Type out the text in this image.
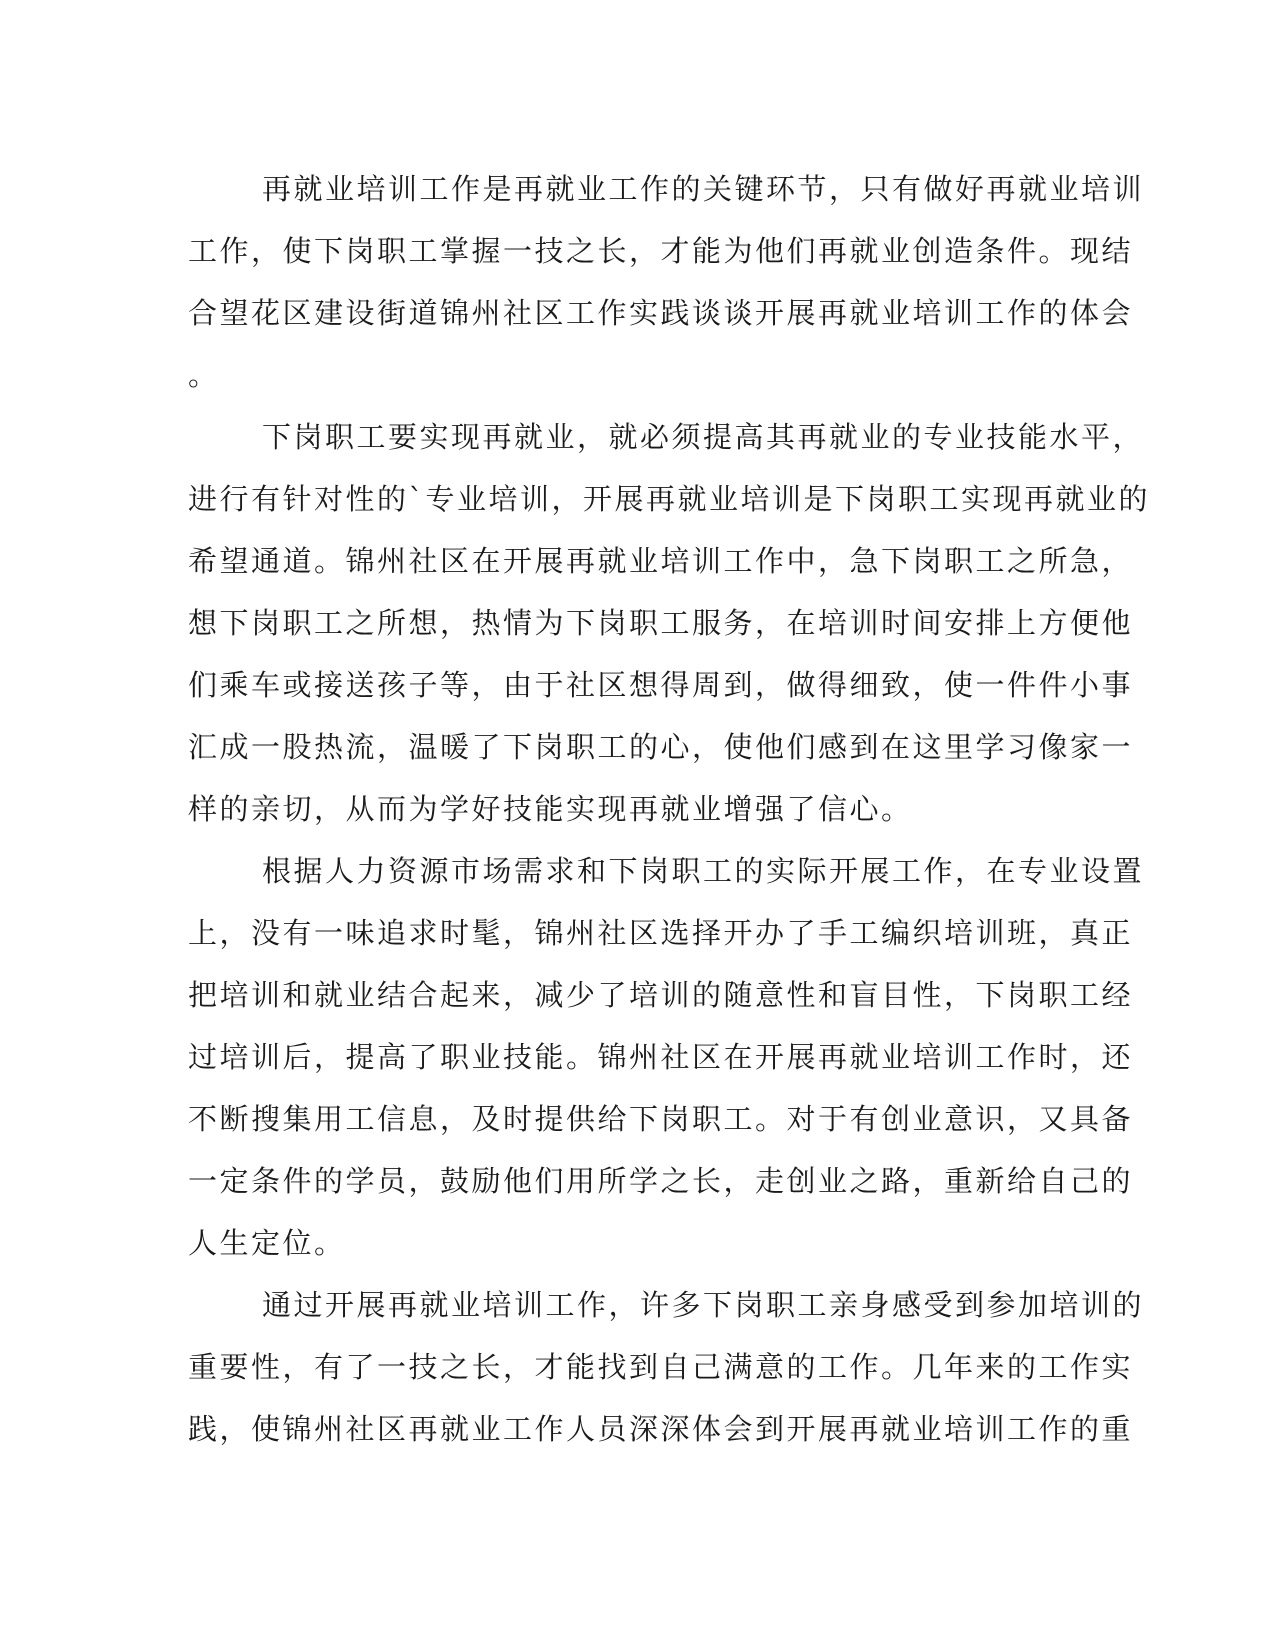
再就业培训工作是再就业工作的关键环节，只有做好再就业培训
工作，使下岗职工掌握一技之长，才能为他们再就业创造条件。现结
合望花区建设街道锦州社区工作实践谈谈开展再就业培训工作的体会
。

下岗职工要实现再就业，就必须提高其再就业的专业技能水平，
进行有针对性的`专业培训，开展再就业培训是下岗职工实现再就业的
希望通道。锦州社区在开展再就业培训工作中，急下岗职工之所急，
想下岗职工之所想，热情为下岗职工服务，在培训时间安排上方便他
们乘车或接送孩子等，由于社区想得周到，做得细致，使一件件小事
汇成一股热流，温暖了下岗职工的心，使他们感到在这里学习像家一
样的亲切，从而为学好技能实现再就业增强了信心。

根据人力资源市场需求和下岗职工的实际开展工作，在专业设置
上，没有一味追求时髦，锦州社区选择开办了手工编织培训班，真正
把培训和就业结合起来，减少了培训的随意性和盲目性，下岗职工经
过培训后，提高了职业技能。锦州社区在开展再就业培训工作时，还
不断搜集用工信息，及时提供给下岗职工。对于有创业意识，又具备
一定条件的学员，鼓励他们用所学之长，走创业之路，重新给自己的
人生定位。

通过开展再就业培训工作，许多下岗职工亲身感受到参加培训的
重要性，有了一技之长，才能找到自己满意的工作。几年来的工作实
践，使锦州社区再就业工作人员深深体会到开展再就业培训工作的重
